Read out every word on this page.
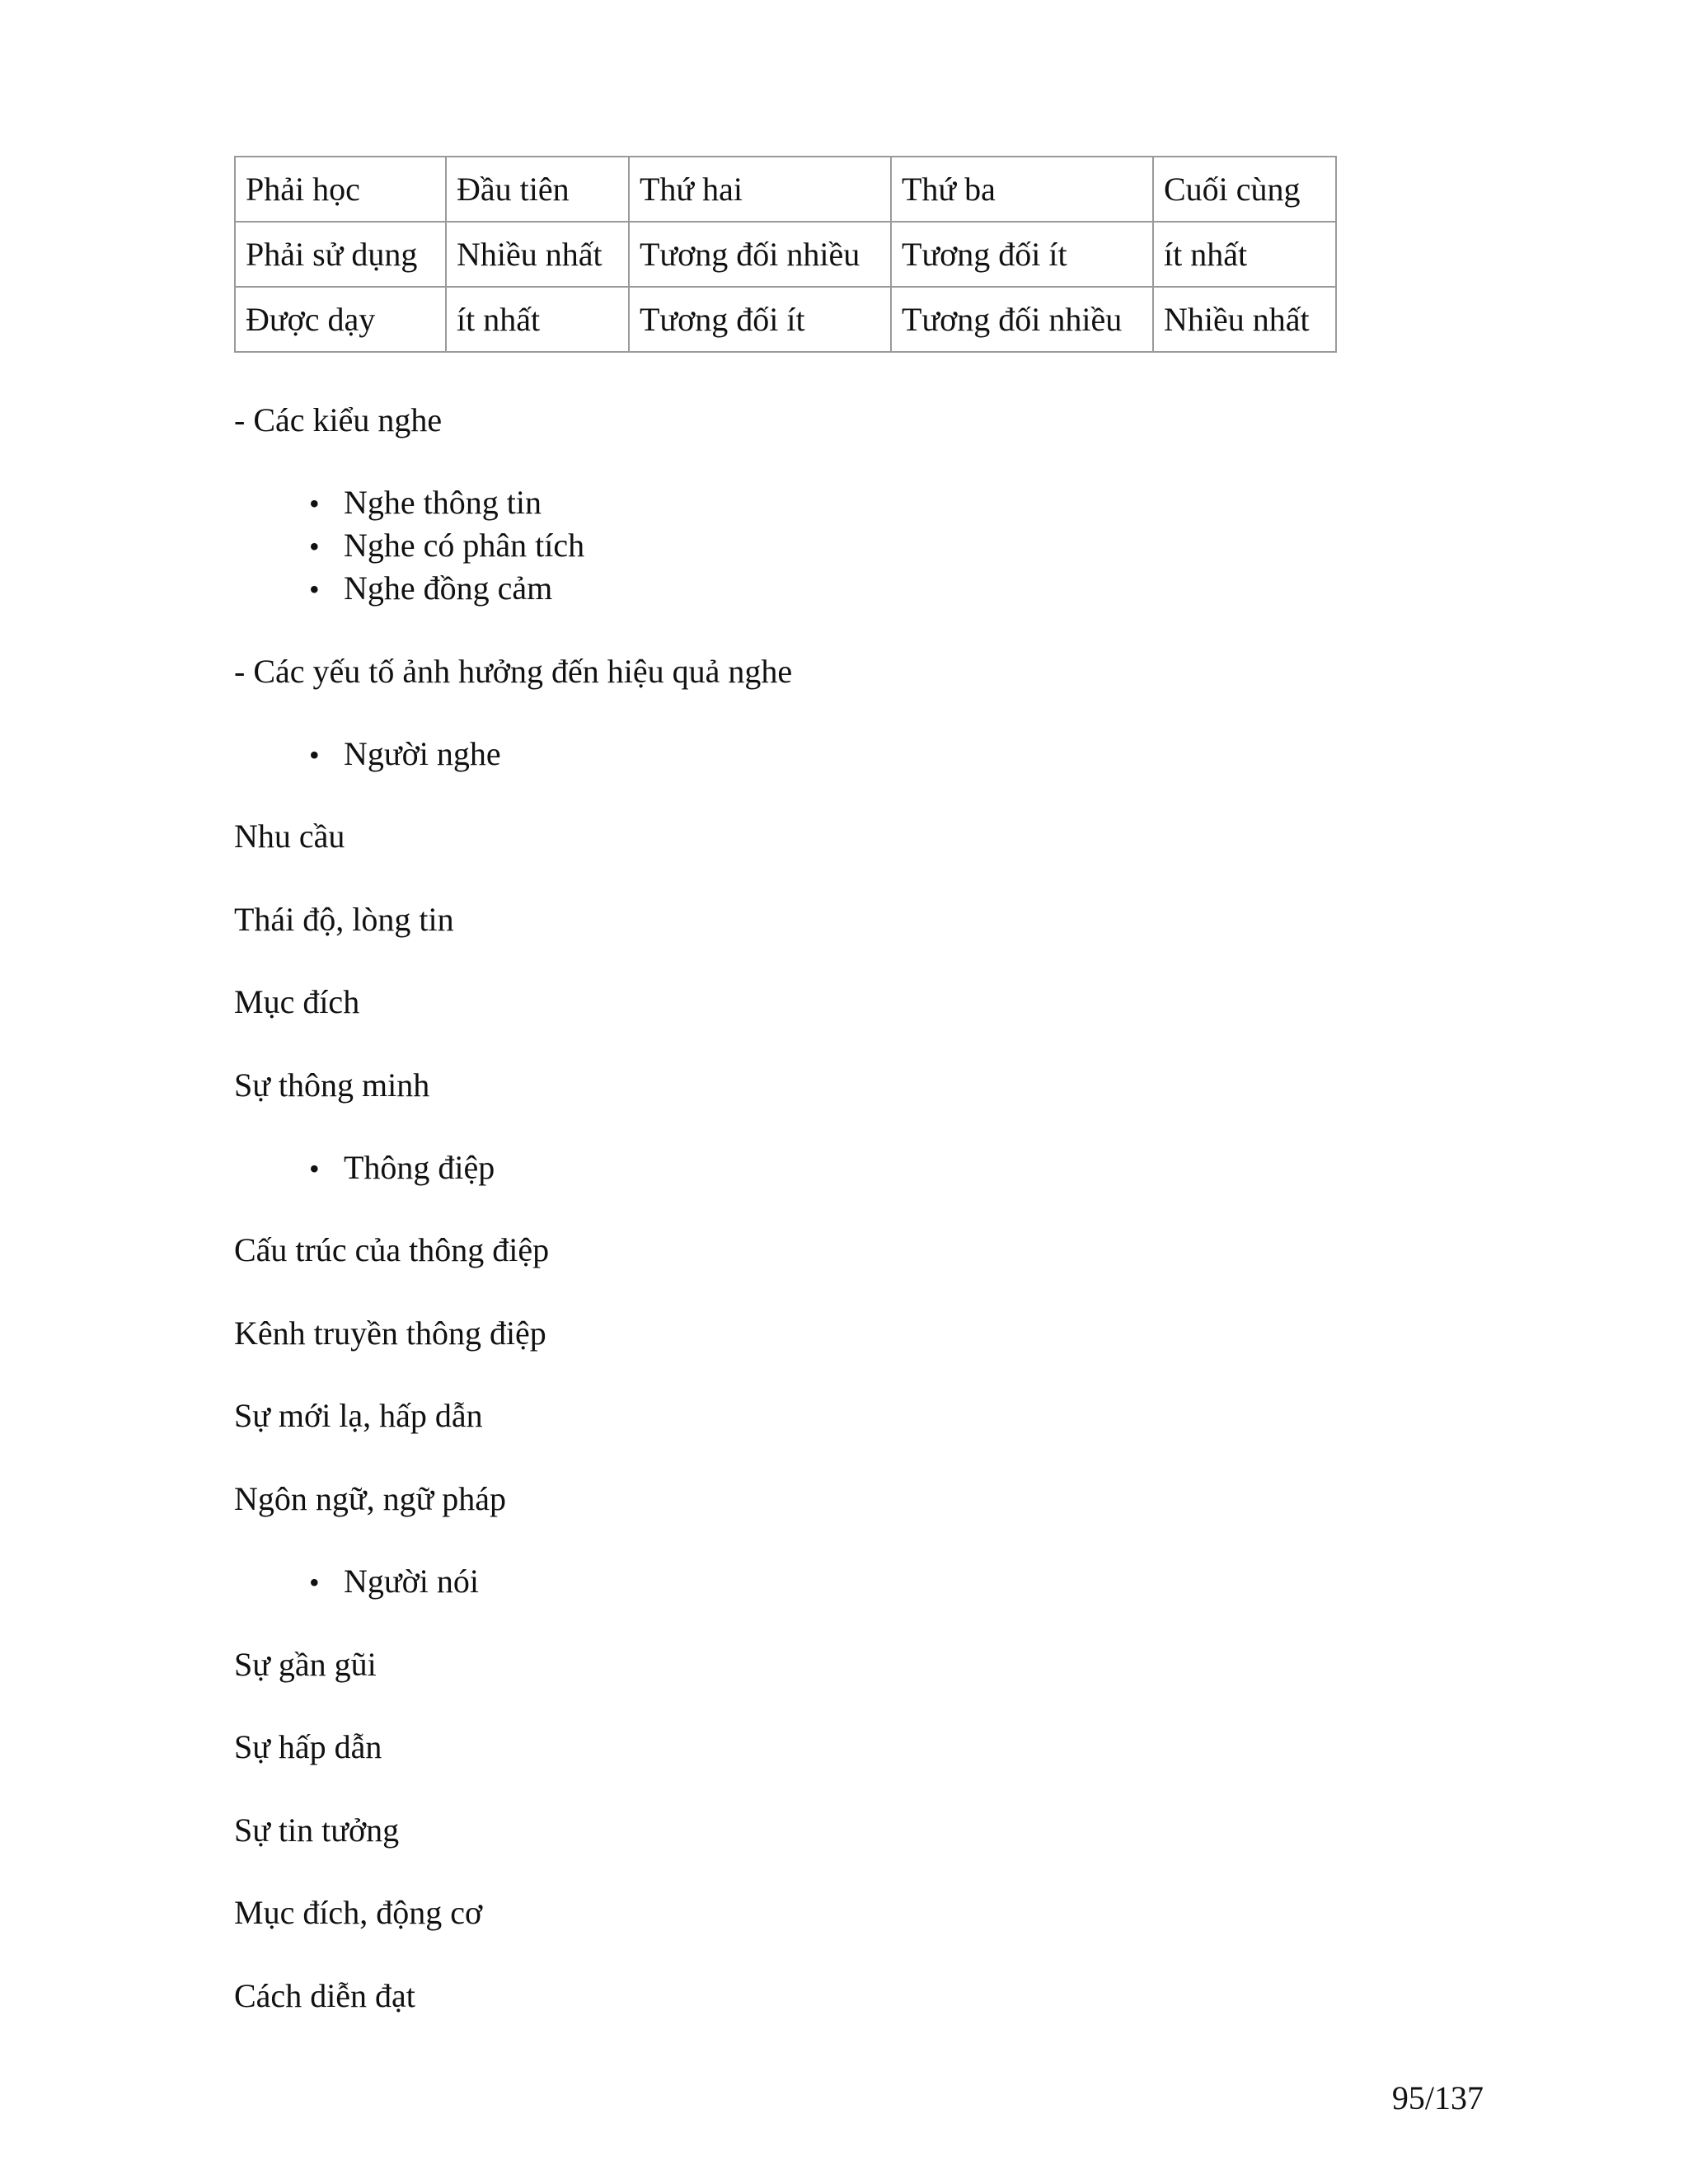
Phải học	Đầu tiên	Thứ hai	Thứ ba	Cuối cùng
Phải sử dụng	Nhiều nhất	Tương đối nhiều	Tương đối ít	ít nhất
Được dạy	ít nhất	Tương đối ít	Tương đối nhiều	Nhiều nhất
- Các kiểu nghe
• Nghe thông tin
• Nghe có phân tích
• Nghe đồng cảm
- Các yếu tố ảnh hưởng đến hiệu quả nghe
• Người nghe
Nhu cầu
Thái độ, lòng tin
Mục đích
Sự thông minh
• Thông điệp
Cấu trúc của thông điệp
Kênh truyền thông điệp
Sự mới lạ, hấp dẫn
Ngôn ngữ, ngữ pháp
• Người nói
Sự gần gũi
Sự hấp dẫn
Sự tin tưởng
Mục đích, động cơ
Cách diễn đạt
95/137
